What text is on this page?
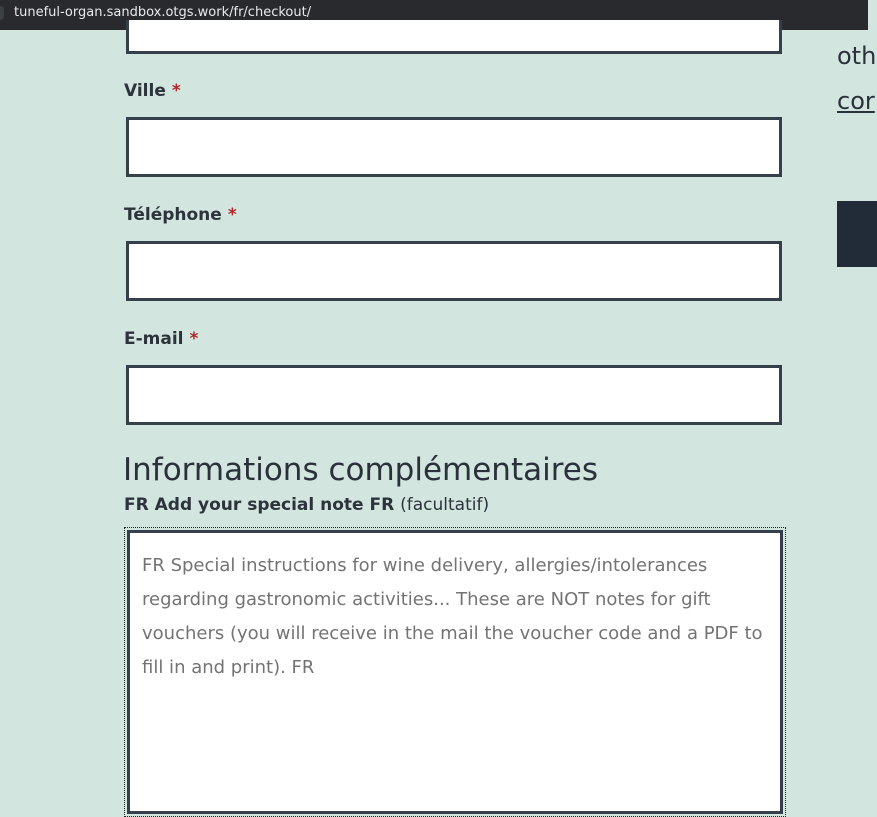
tuneful-organ.sandbox.otgs.work/fr/checkout/
Ville *
Téléphone *
E-mail *
Informations complémentaires
FR Add your special note FR (facultatif)
FR Special instructions for wine delivery, allergies/intolerances regarding gastronomic activities... These are NOT notes for gift vouchers (you will receive in the mail the voucher code and a PDF to fill in and print). FR
oth
cor
